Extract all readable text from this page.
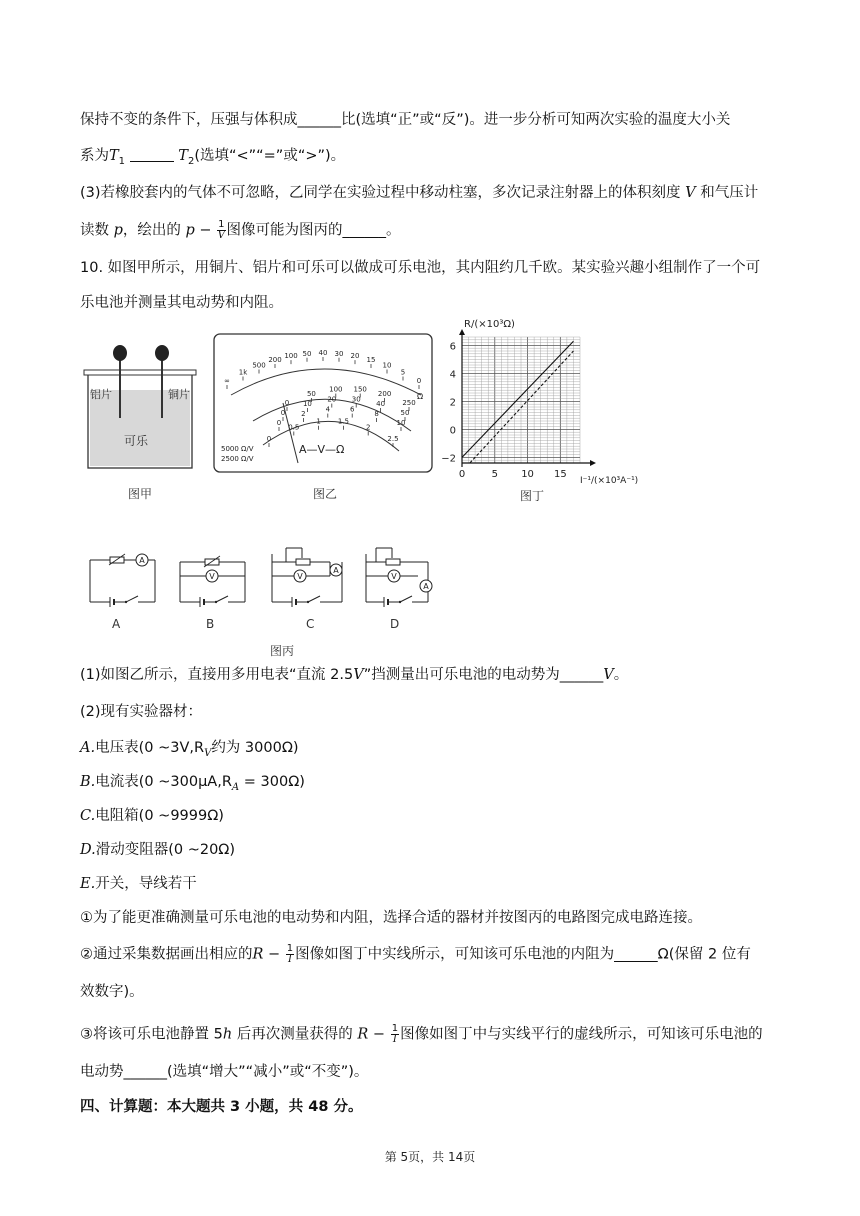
保持不变的条件下，压强与体积成______比(选填“正”或“反”)。进一步分析可知两次实验的温度大小关
系为$T_1$	$T_2$(选填“<”“=”或“>”)。
(3)若橡胶套内的气体不可忽略，乙同学在实验过程中移动柱塞，多次记录注射器上的体积刻度 V 和气压计
读数 p，绘出的 $p - \frac{1}{V}$ 图像可能为图丙的______。
10. 如图甲所示，用铜片、铝片和可乐可以做成可乐电池，其内阻约几千欧。某实验兴趣小组制作了一个可
乐电池并测量其电动势和内阻。
铝片	铜片
可乐
图甲
A—V—Ω
5000 Ω/V
2500 Ω/V
Ω
∞
1k
500
200 100 50 40 30 20 15
10
5
0
0
50
100 150
200
250
0
10
20 30
40
50
0
2
4	6
8
10
0
0.5
1 1.5
2
2.5
图乙
R/(×10³Ω)
I⁻¹/(×10³A⁻¹)
6
4
2
0
−2
0	5 10 15
图丁
A
V	V
A
V
A
A	B	C	D
图丙
(1)如图乙所示，直接用多用电表“直流 2.5V”挡测量出可乐电池的电动势为______V。
(2)现有实验器材：
A.电压表(0 $\sim 3V,R_V$约为 3000Ω)
B.电流表(0 $\sim 300\mu A,R_A = 300\Omega$)
C.电阻箱(0 ~9999Ω)
D.滑动变阻器(0 ~20Ω)
E.开关，导线若干
①为了能更准确测量可乐电池的电动势和内阻，选择合适的器材并按图丙的电路图完成电路连接。
②通过采集数据画出相应的$R - \frac{1}{I}$ 图像如图丁中实线所示，可知该可乐电池的内阻为______Ω(保留 2 位有
效数字)。
③将该可乐电池静置 5h 后再次测量获得的 $R - \frac{1}{I}$ 图像如图丁中与实线平行的虚线所示，可知该可乐电池的
电动势______(选填“增大”“减小”或“不变”)。
四、计算题：本大题共 3 小题，共 48 分。
第 5页，共 14页
